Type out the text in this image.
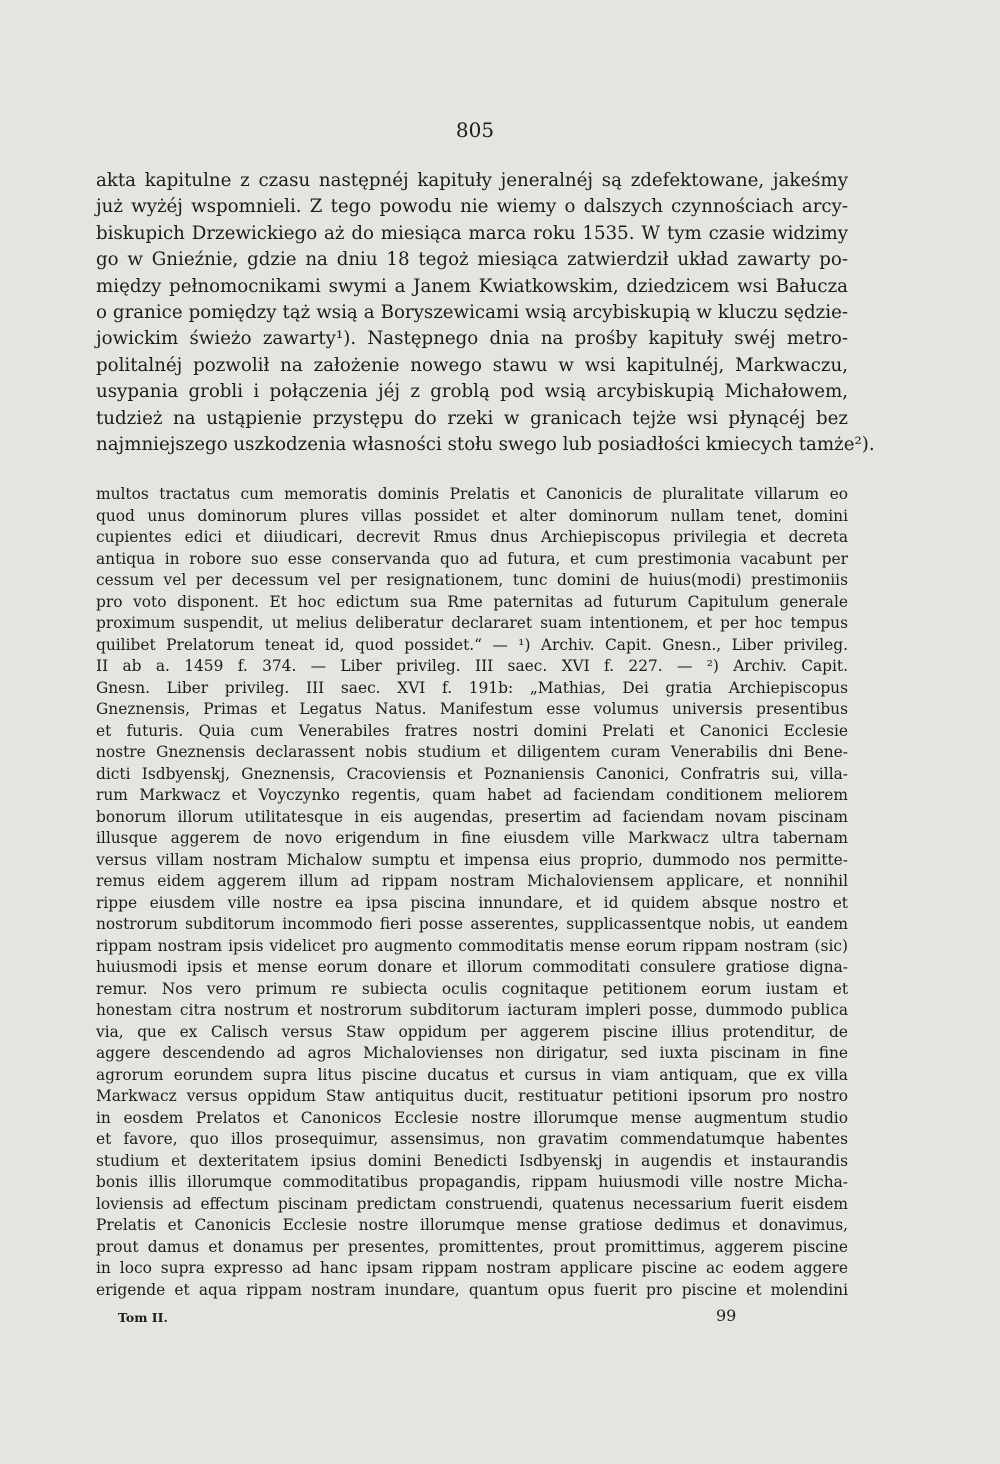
805
akta kapitulne z czasu następnéj kapituły jeneralnéj są zdefektowane, jakeśmy
już wyżéj wspomnieli. Z tego powodu nie wiemy o dalszych czynnościach arcy-
biskupich Drzewickiego aż do miesiąca marca roku 1535. W tym czasie widzimy
go w Gnieźnie, gdzie na dniu 18 tegoż miesiąca zatwierdził układ zawarty po-
między pełnomocnikami swymi a Janem Kwiatkowskim, dziedzicem wsi Bałucza
o granice pomiędzy tąż wsią a Boryszewicami wsią arcybiskupią w kluczu sędzie-
jowickim świeżo zawarty¹). Następnego dnia na prośby kapituły swéj metro-
politalnéj pozwolił na założenie nowego stawu w wsi kapitulnéj, Markwaczu,
usypania grobli i połączenia jéj z groblą pod wsią arcybiskupią Michałowem,
tudzież na ustąpienie przystępu do rzeki w granicach tejże wsi płynącéj bez
najmniejszego uszkodzenia własności stołu swego lub posiadłości kmiecych tamże²).
multos tractatus cum memoratis dominis Prelatis et Canonicis de pluralitate villarum eo
quod unus dominorum plures villas possidet et alter dominorum nullam tenet, domini
cupientes edici et diiudicari, decrevit Rmus dnus Archiepiscopus privilegia et decreta
antiqua in robore suo esse conservanda quo ad futura, et cum prestimonia vacabunt per
cessum vel per decessum vel per resignationem, tunc domini de huius(modi) prestimoniis
pro voto disponent. Et hoc edictum sua Rme paternitas ad futurum Capitulum generale
proximum suspendit, ut melius deliberatur declararet suam intentionem, et per hoc tempus
quilibet Prelatorum teneat id, quod possidet.“ — ¹) Archiv. Capit. Gnesn., Liber privileg.
II ab a. 1459 f. 374. — Liber privileg. III saec. XVI f. 227. — ²) Archiv. Capit.
Gnesn. Liber privileg. III saec. XVI f. 191b: „Mathias, Dei gratia Archiepiscopus
Gneznensis, Primas et Legatus Natus. Manifestum esse volumus universis presentibus
et futuris. Quia cum Venerabiles fratres nostri domini Prelati et Canonici Ecclesie
nostre Gneznensis declarassent nobis studium et diligentem curam Venerabilis dni Bene-
dicti Isdbyenskj, Gneznensis, Cracoviensis et Poznaniensis Canonici, Confratris sui, villa-
rum Markwacz et Voyczynko regentis, quam habet ad faciendam conditionem meliorem
bonorum illorum utilitatesque in eis augendas, presertim ad faciendam novam piscinam
illusque aggerem de novo erigendum in fine eiusdem ville Markwacz ultra tabernam
versus villam nostram Michalow sumptu et impensa eius proprio, dummodo nos permitte-
remus eidem aggerem illum ad rippam nostram Michaloviensem applicare, et nonnihil
rippe eiusdem ville nostre ea ipsa piscina innundare, et id quidem absque nostro et
nostrorum subditorum incommodo fieri posse asserentes, supplicassentque nobis, ut eandem
rippam nostram ipsis videlicet pro augmento commoditatis mense eorum rippam nostram (sic)
huiusmodi ipsis et mense eorum donare et illorum commoditati consulere gratiose digna-
remur. Nos vero primum re subiecta oculis cognitaque petitionem eorum iustam et
honestam citra nostrum et nostrorum subditorum iacturam impleri posse, dummodo publica
via, que ex Calisch versus Staw oppidum per aggerem piscine illius protenditur, de
aggere descendendo ad agros Michalovienses non dirigatur, sed iuxta piscinam in fine
agrorum eorundem supra litus piscine ducatus et cursus in viam antiquam, que ex villa
Markwacz versus oppidum Staw antiquitus ducit, restituatur petitioni ipsorum pro nostro
in eosdem Prelatos et Canonicos Ecclesie nostre illorumque mense augmentum studio
et favore, quo illos prosequimur, assensimus, non gravatim commendatumque habentes
studium et dexteritatem ipsius domini Benedicti Isdbyenskj in augendis et instaurandis
bonis illis illorumque commoditatibus propagandis, rippam huiusmodi ville nostre Micha-
loviensis ad effectum piscinam predictam construendi, quatenus necessarium fuerit eisdem
Prelatis et Canonicis Ecclesie nostre illorumque mense gratiose dedimus et donavimus,
prout damus et donamus per presentes, promittentes, prout promittimus, aggerem piscine
in loco supra expresso ad hanc ipsam rippam nostram applicare piscine ac eodem aggere
erigende et aqua rippam nostram inundare, quantum opus fuerit pro piscine et molendini
Tom II.	99
